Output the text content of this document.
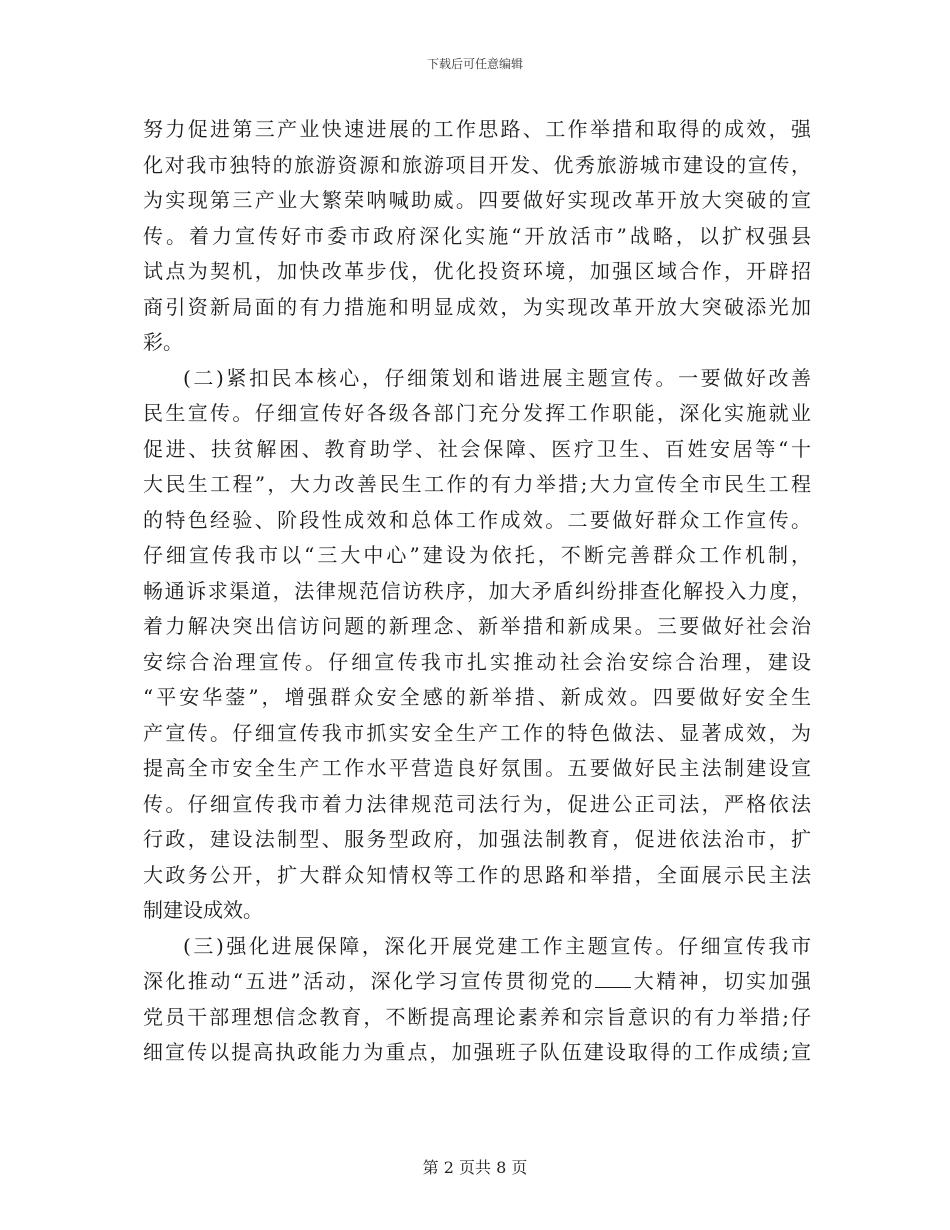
下载后可任意编辑
努力促进第三产业快速进展的工作思路、工作举措和取得的成效，强
化对我市独特的旅游资源和旅游项目开发、优秀旅游城市建设的宣传，
为实现第三产业大繁荣呐喊助威。四要做好实现改革开放大突破的宣
传。着力宣传好市委市政府深化实施“开放活市”战略，以扩权强县
试点为契机，加快改革步伐，优化投资环境，加强区域合作，开辟招
商引资新局面的有力措施和明显成效，为实现改革开放大突破添光加
彩。
(二)紧扣民本核心，仔细策划和谐进展主题宣传。一要做好改善
民生宣传。仔细宣传好各级各部门充分发挥工作职能，深化实施就业
促进、扶贫解困、教育助学、社会保障、医疗卫生、百姓安居等“十
大民生工程”，大力改善民生工作的有力举措;大力宣传全市民生工程
的特色经验、阶段性成效和总体工作成效。二要做好群众工作宣传。
仔细宣传我市以“三大中心”建设为依托，不断完善群众工作机制，
畅通诉求渠道，法律规范信访秩序，加大矛盾纠纷排查化解投入力度，
着力解决突出信访问题的新理念、新举措和新成果。三要做好社会治
安综合治理宣传。仔细宣传我市扎实推动社会治安综合治理，建设
“平安华蓥”，增强群众安全感的新举措、新成效。四要做好安全生
产宣传。仔细宣传我市抓实安全生产工作的特色做法、显著成效，为
提高全市安全生产工作水平营造良好氛围。五要做好民主法制建设宣
传。仔细宣传我市着力法律规范司法行为，促进公正司法，严格依法
行政，建设法制型、服务型政府，加强法制教育，促进依法治市，扩
大政务公开，扩大群众知情权等工作的思路和举措，全面展示民主法
制建设成效。
(三)强化进展保障，深化开展党建工作主题宣传。仔细宣传我市
深化推动“五进”活动，深化学习宣传贯彻党的 大精神，切实加强
党员干部理想信念教育，不断提高理论素养和宗旨意识的有力举措;仔
细宣传以提高执政能力为重点，加强班子队伍建设取得的工作成绩;宣
第 2 页共 8 页
